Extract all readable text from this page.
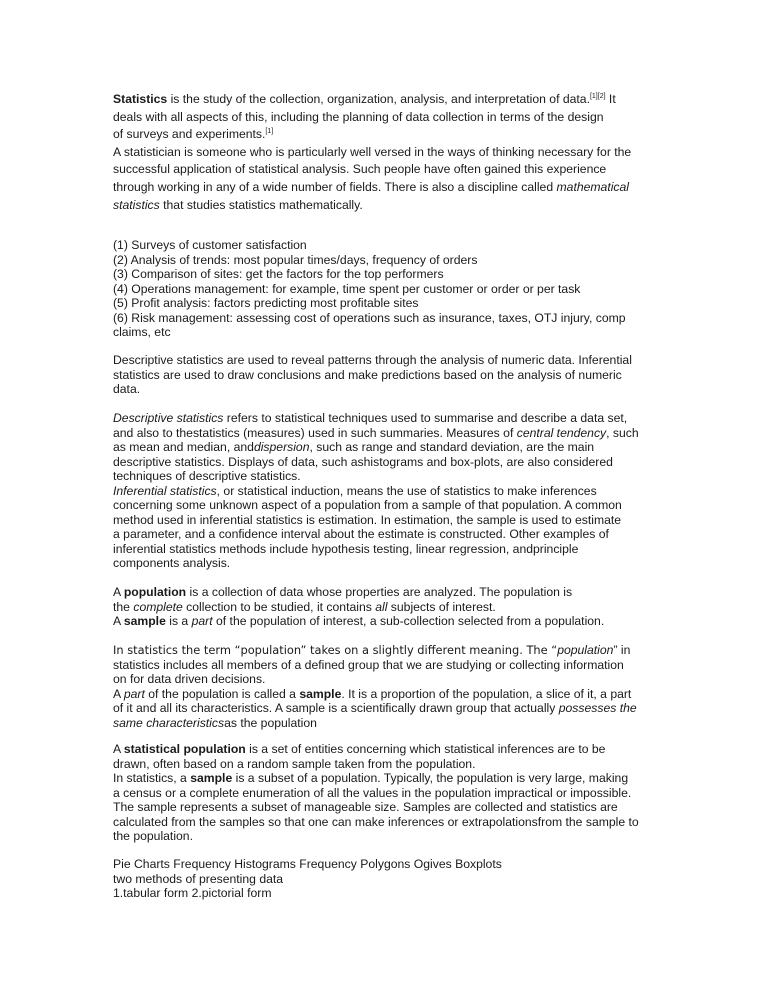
Statistics is the study of the collection, organization, analysis, and interpretation of data.[1][2] It
deals with all aspects of this, including the planning of data collection in terms of the design
of surveys and experiments.[1]
A statistician is someone who is particularly well versed in the ways of thinking necessary for the
successful application of statistical analysis. Such people have often gained this experience
through working in any of a wide number of fields. There is also a discipline called mathematical
statistics that studies statistics mathematically.
(1) Surveys of customer satisfaction
(2) Analysis of trends: most popular times/days, frequency of orders
(3) Comparison of sites: get the factors for the top performers
(4) Operations management: for example, time spent per customer or order or per task
(5) Profit analysis: factors predicting most profitable sites
(6) Risk management: assessing cost of operations such as insurance, taxes, OTJ injury, comp
claims, etc
Descriptive statistics are used to reveal patterns through the analysis of numeric data. Inferential
statistics are used to draw conclusions and make predictions based on the analysis of numeric
data.
Descriptive statistics refers to statistical techniques used to summarise and describe a data set,
and also to thestatistics (measures) used in such summaries. Measures of central tendency, such
as mean and median, anddispersion, such as range and standard deviation, are the main
descriptive statistics. Displays of data, such ashistograms and box-plots, are also considered
techniques of descriptive statistics.
Inferential statistics, or statistical induction, means the use of statistics to make inferences
concerning some unknown aspect of a population from a sample of that population. A common
method used in inferential statistics is estimation. In estimation, the sample is used to estimate
a parameter, and a confidence interval about the estimate is constructed. Other examples of
inferential statistics methods include hypothesis testing, linear regression, andprinciple
components analysis.
A population is a collection of data whose properties are analyzed. The population is
the complete collection to be studied, it contains all subjects of interest.
A sample is a part of the population of interest, a sub-collection selected from a population.
In statistics the term “population” takes on a slightly different meaning. The “population” in
statistics includes all members of a defined group that we are studying or collecting information
on for data driven decisions.
A part of the population is called a sample. It is a proportion of the population, a slice of it, a part
of it and all its characteristics. A sample is a scientifically drawn group that actually possesses the
same characteristicsas the population
A statistical population is a set of entities concerning which statistical inferences are to be
drawn, often based on a random sample taken from the population.
In statistics, a sample is a subset of a population. Typically, the population is very large, making
a census or a complete enumeration of all the values in the population impractical or impossible.
The sample represents a subset of manageable size. Samples are collected and statistics are
calculated from the samples so that one can make inferences or extrapolationsfrom the sample to
the population.
Pie Charts Frequency Histograms Frequency Polygons Ogives Boxplots
two methods of presenting data
1.tabular form 2.pictorial form
